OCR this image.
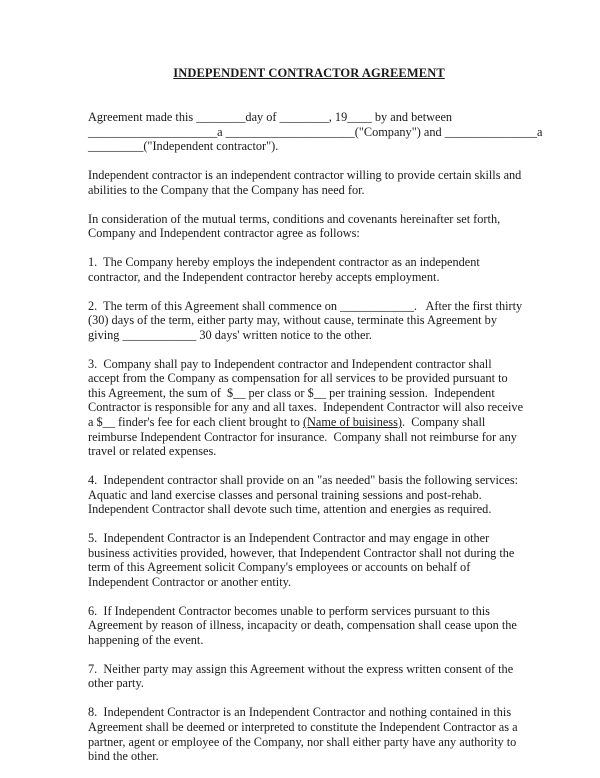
INDEPENDENT CONTRACTOR AGREEMENT
Agreement made this ________day of ________, 19____ by and between
_____________________a _____________________("Company") and _______________a
_________("Independent contractor").
Independent contractor is an independent contractor willing to provide certain skills and abilities to the Company that the Company has need for.
In consideration of the mutual terms, conditions and covenants hereinafter set forth, Company and Independent contractor agree as follows:
1.  The Company hereby employs the independent contractor as an independent contractor, and the Independent contractor hereby accepts employment.
2.  The term of this Agreement shall commence on ____________.   After the first thirty (30) days of the term, either party may, without cause, terminate this Agreement by giving ____________ 30 days' written notice to the other.
3.  Company shall pay to Independent contractor and Independent contractor shall accept from the Company as compensation for all services to be provided pursuant to this Agreement, the sum of  $__ per class or $__ per training session.  Independent Contractor is responsible for any and all taxes.  Independent Contractor will also receive a $__ finder's fee for each client brought to (Name of buisiness).  Company shall reimburse Independent Contractor for insurance.  Company shall not reimburse for any travel or related expenses.
4.  Independent contractor shall provide on an "as needed" basis the following services: Aquatic and land exercise classes and personal training sessions and post-rehab. Independent Contractor shall devote such time, attention and energies as required.
5.  Independent Contractor is an Independent Contractor and may engage in other business activities provided, however, that Independent Contractor shall not during the term of this Agreement solicit Company's employees or accounts on behalf of Independent Contractor or another entity.
6.  If Independent Contractor becomes unable to perform services pursuant to this Agreement by reason of illness, incapacity or death, compensation shall cease upon the happening of the event.
7.  Neither party may assign this Agreement without the express written consent of the other party.
8.  Independent Contractor is an Independent Contractor and nothing contained in this Agreement shall be deemed or interpreted to constitute the Independent Contractor as a partner, agent or employee of the Company, nor shall either party have any authority to bind the other.
